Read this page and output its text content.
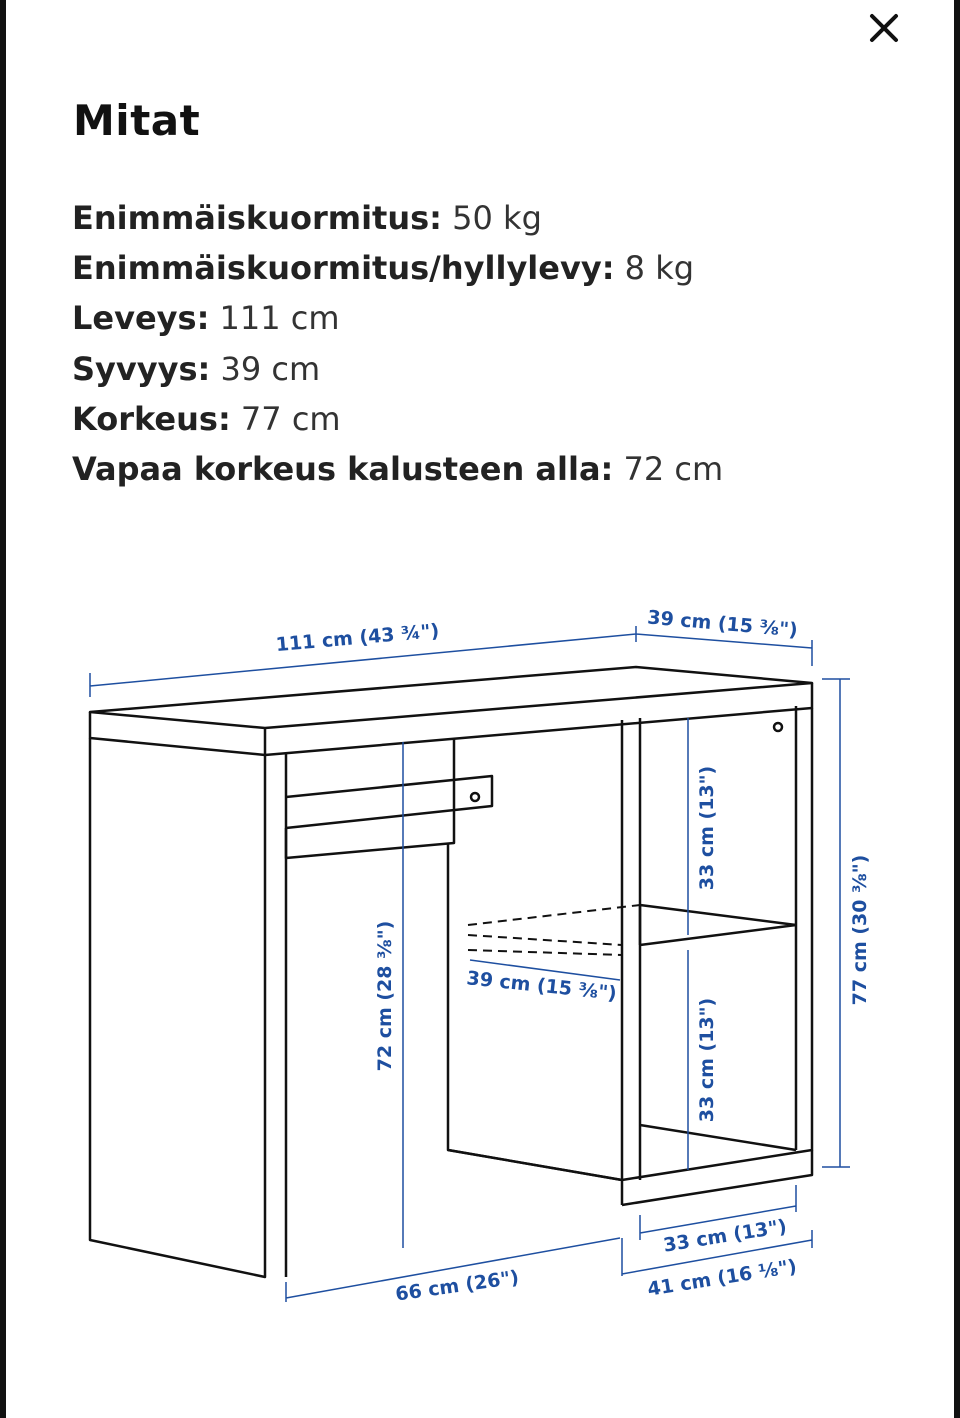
Mitat
Enimmäiskuormitus: 50 kg
Enimmäiskuormitus/hyllylevy: 8 kg
Leveys: 111 cm
Syvyys: 39 cm
Korkeus: 77 cm
Vapaa korkeus kalusteen alla: 72 cm
111 cm (43 ¾")	39 cm (15 ⅜")
77 cm (30 ⅜")
72 cm (28 ⅜")
33 cm (13")
33 cm (13")
39 cm (15 ⅜")
66 cm (26")
33 cm (13")
41 cm (16 ⅛")
